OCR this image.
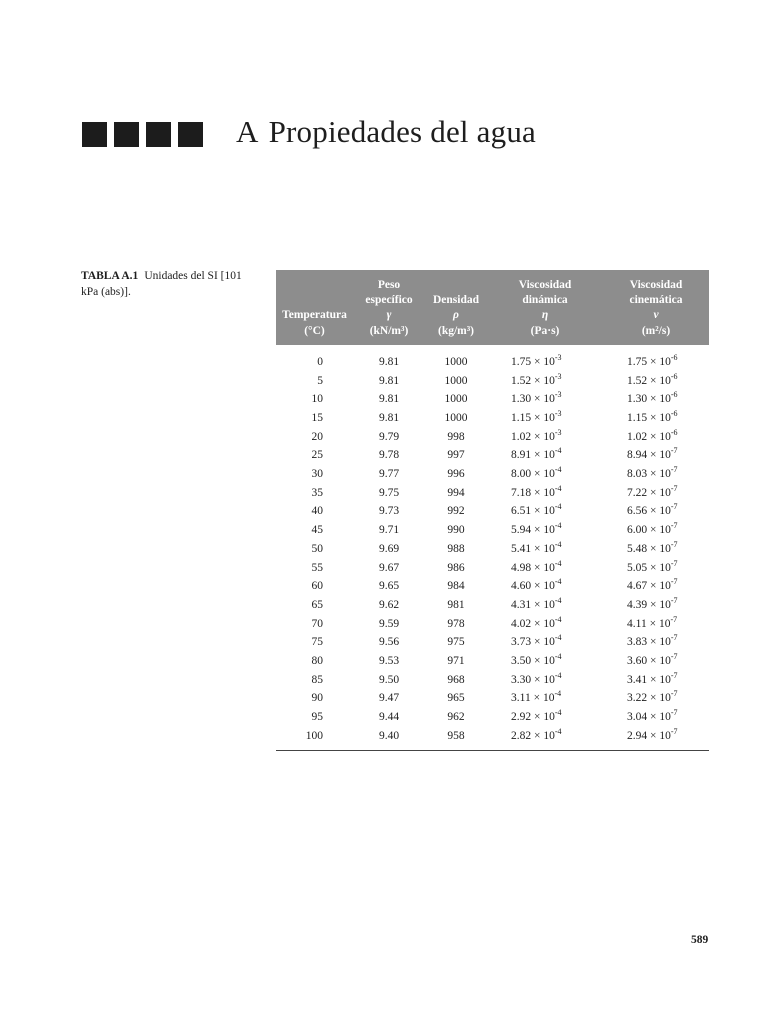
A Propiedades del agua
TABLA A.1 Unidades del SI [101 kPa (abs)].
Temperatura
(°C)	Peso
específico
γ
(kN/m³)	Densidad
ρ
(kg/m³)	Viscosidad
dinámica
η
(Pa·s)	Viscosidad
cinemática
ν
(m²/s)

0	9.81	1000	$1.75 \times 10^{-3}$	$1.75 \times 10^{-6}$
5	9.81	1000	$1.52 \times 10^{-3}$	$1.52 \times 10^{-6}$
10	9.81	1000	$1.30 \times 10^{-3}$	$1.30 \times 10^{-6}$
15	9.81	1000	$1.15 \times 10^{-3}$	$1.15 \times 10^{-6}$
20	9.79	998	$1.02 \times 10^{-3}$	$1.02 \times 10^{-6}$
25	9.78	997	$8.91 \times 10^{-4}$	$8.94 \times 10^{-7}$
30	9.77	996	$8.00 \times 10^{-4}$	$8.03 \times 10^{-7}$
35	9.75	994	$7.18 \times 10^{-4}$	$7.22 \times 10^{-7}$
40	9.73	992	$6.51 \times 10^{-4}$	$6.56 \times 10^{-7}$
45	9.71	990	$5.94 \times 10^{-4}$	$6.00 \times 10^{-7}$
50	9.69	988	$5.41 \times 10^{-4}$	$5.48 \times 10^{-7}$
55	9.67	986	$4.98 \times 10^{-4}$	$5.05 \times 10^{-7}$
60	9.65	984	$4.60 \times 10^{-4}$	$4.67 \times 10^{-7}$
65	9.62	981	$4.31 \times 10^{-4}$	$4.39 \times 10^{-7}$
70	9.59	978	$4.02 \times 10^{-4}$	$4.11 \times 10^{-7}$
75	9.56	975	$3.73 \times 10^{-4}$	$3.83 \times 10^{-7}$
80	9.53	971	$3.50 \times 10^{-4}$	$3.60 \times 10^{-7}$
85	9.50	968	$3.30 \times 10^{-4}$	$3.41 \times 10^{-7}$
90	9.47	965	$3.11 \times 10^{-4}$	$3.22 \times 10^{-7}$
95	9.44	962	$2.92 \times 10^{-4}$	$3.04 \times 10^{-7}$
100	9.40	958	$2.82 \times 10^{-4}$	$2.94 \times 10^{-7}$
589
